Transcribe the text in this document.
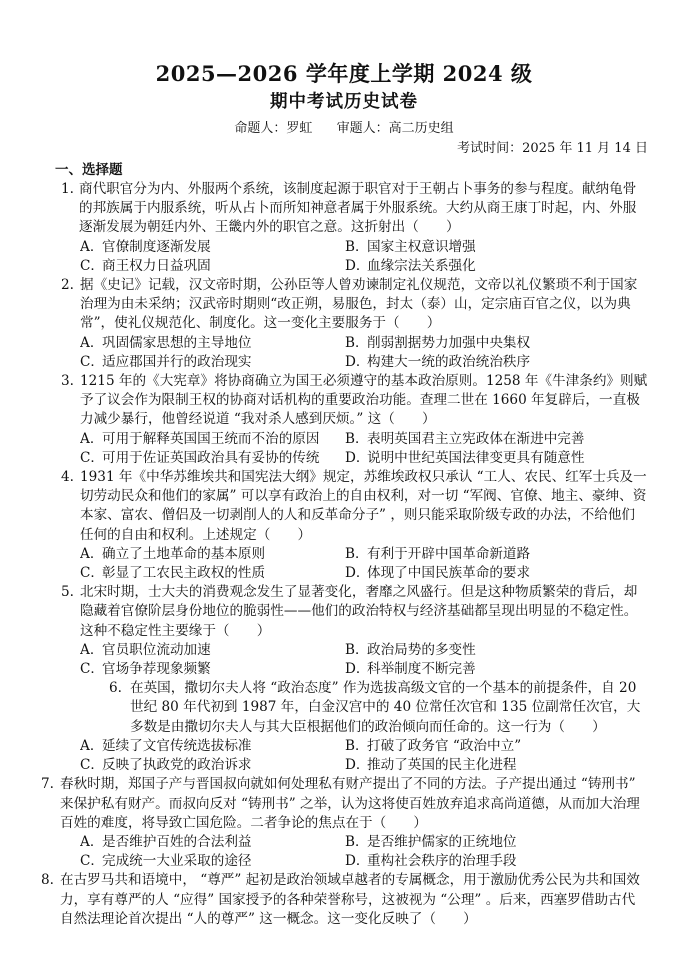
2025—2026 学年度上学期 2024 级
期中考试历史试卷
命题人：罗虹 审题人：高二历史组
考试时间：2025 年 11 月 14 日
一、选择题
1. 商代职官分为内、外服两个系统，该制度起源于职官对于王朝占卜事务的参与程度。献纳龟骨的邦族属于内服系统，听从占卜而所知神意者属于外服系统。大约从商王康丁时起，内、外服逐渐发展为朝廷内外、王畿内外的职官之意。这折射出（　　）
A．官僚制度逐渐发展	B．国家主权意识增强
C．商王权力日益巩固	D．血缘宗法关系强化
2. 据《史记》记载，汉文帝时期，公孙臣等人曾劝谏制定礼仪规范，文帝以礼仪繁琐不利于国家治理为由未采纳；汉武帝时期则“改正朔，易服色，封太（泰）山，定宗庙百官之仪，以为典常”，使礼仪规范化、制度化。这一变化主要服务于（　　）
A．巩固儒家思想的主导地位	B．削弱割据势力加强中央集权
C．适应郡国并行的政治现实	D．构建大一统的政治统治秩序
3. 1215 年的《大宪章》将协商确立为国王必须遵守的基本政治原则。1258 年《牛津条约》则赋予了议会作为限制王权的协商对话机构的重要政治功能。查理二世在 1660 年复辟后，一直极力减少暴行，他曾经说道 “我对杀人感到厌烦。” 这（　　）
A．可用于解释英国国王统而不治的原因	B．表明英国君主立宪政体在渐进中完善
C．可用于佐证英国政治具有妥协的传统	D．说明中世纪英国法律变更具有随意性
4. 1931 年《中华苏维埃共和国宪法大纲》规定，苏维埃政权只承认 “工人、农民、红军士兵及一切劳动民众和他们的家属” 可以享有政治上的自由权利，对一切 “军阀、官僚、地主、豪绅、资本家、富农、僧侣及一切剥削人的人和反革命分子” ，则只能采取阶级专政的办法，不给他们任何的自由和权利。上述规定（　　）
A．确立了土地革命的基本原则	B．有利于开辟中国革命新道路
C．彰显了工农民主政权的性质	D．体现了中国民族革命的要求
5. 北宋时期，士大夫的消费观念发生了显著变化，奢靡之风盛行。但是这种物质繁荣的背后，却隐藏着官僚阶层身份地位的脆弱性——他们的政治特权与经济基础都呈现出明显的不稳定性。这种不稳定性主要缘于（　　）
A．官员职位流动加速	B．政治局势的多变性
C．官场争荐现象频繁	D．科举制度不断完善
6. 在英国，撒切尔夫人将 “政治态度” 作为选拔高级文官的一个基本的前提条件，自 20 世纪 80 年代初到 1987 年，白金汉宫中的 40 位常任次官和 135 位副常任次官，大多数是由撒切尔夫人与其大臣根据他们的政治倾向而任命的。这一行为（　　）
A．延续了文官传统选拔标准	B．打破了政务官 “政治中立”
C．反映了执政党的政治诉求	D．推动了英国的民主化进程
7. 春秋时期，郑国子产与晋国叔向就如何处理私有财产提出了不同的方法。子产提出通过 “铸刑书” 来保护私有财产。而叔向反对 “铸刑书” 之举，认为这将使百姓放弃追求高尚道德，从而加大治理百姓的难度，将导致亡国危险。二者争论的焦点在于（　　）
A．是否维护百姓的合法利益	B．是否维护儒家的正统地位
C．完成统一大业采取的途径	D．重构社会秩序的治理手段
8. 在古罗马共和语境中， “尊严” 起初是政治领域卓越者的专属概念，用于激励优秀公民为共和国效力，享有尊严的人 “应得” 国家授予的各种荣誉称号，这被视为 “公理” 。后来，西塞罗借助古代自然法理论首次提出 “人的尊严” 这一概念。这一变化反映了（　　）
